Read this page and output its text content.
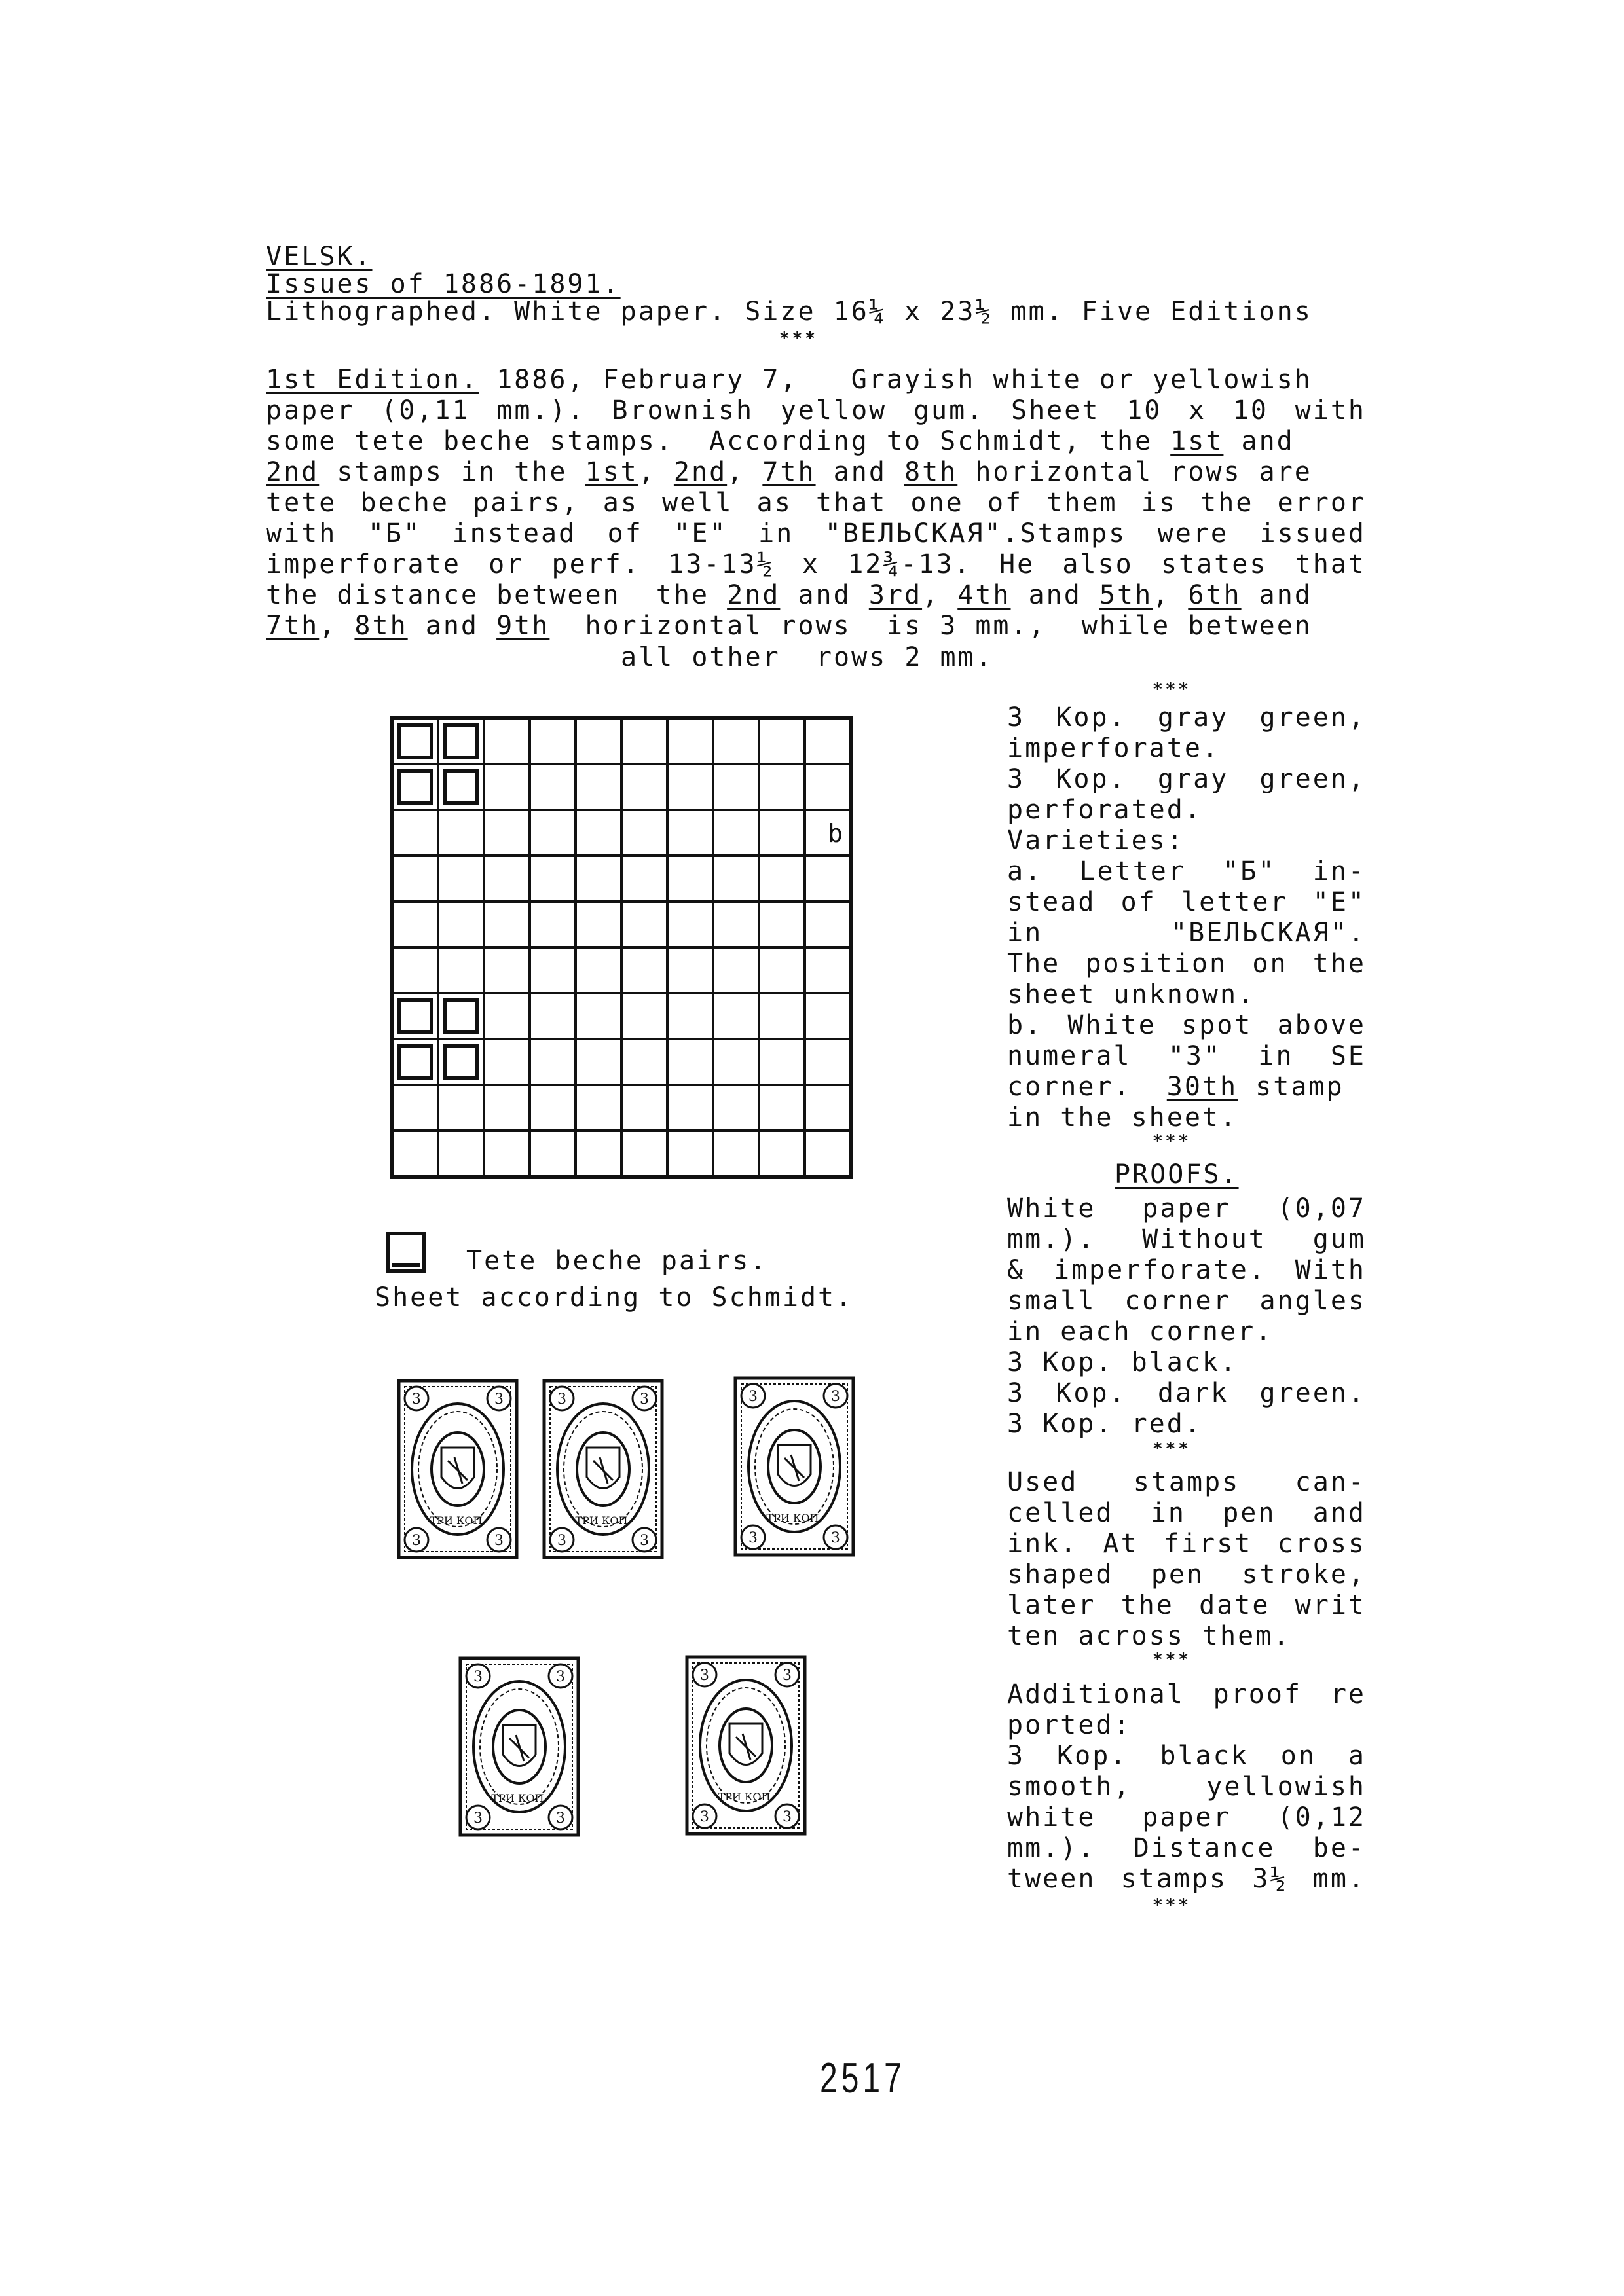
VELSK.
Issues of 1886-1891.
Lithographed. White paper. Size 16¼ x 23½ mm. Five Editions
***
1st Edition. 1886, February 7,   Grayish white or yellowish
paper (0,11 mm.). Brownish yellow gum. Sheet 10 x 10 with
some tete beche stamps.  According to Schmidt, the 1st and
2nd stamps in the 1st, 2nd, 7th and 8th horizontal rows are
tete beche pairs, as well as that one of them is the error
with "Б" instead of "E" in "ВЕЛЬСКАЯ".Stamps were issued
imperforate or perf. 13-13½ x 12¾-13. He also states that
the distance between  the 2nd and 3rd, 4th and 5th, 6th and
7th, 8th and 9th  horizontal rows  is 3 mm.,  while between
all other  rows 2 mm.
b
Tete beche pairs.
Sheet according to Schmidt.
***
3 Kop. gray green,
imperforate.
3 Kop. gray green,
perforated.
Varieties:
a. Letter "Б" in-
stead of letter "E"
in "ВЕЛЬСКАЯ".
The position on the
sheet unknown.
b. White spot above
numeral "3" in SE
corner.  30th stamp
in the sheet.
***
PROOFS.
White paper (0,07
mm.). Without gum
& imperforate. With
small corner angles
in each corner.
3 Kop. black.
3 Kop. dark green.
3 Kop. red.
***
Used stamps can-
celled in pen and
ink. At first cross
shaped pen stroke,
later the date writ
ten across them.
***
Additional proof re
ported:
3 Kop. black on a
smooth, yellowish
white paper (0,12
mm.). Distance be-
tween stamps 3½ mm.
***
2517
